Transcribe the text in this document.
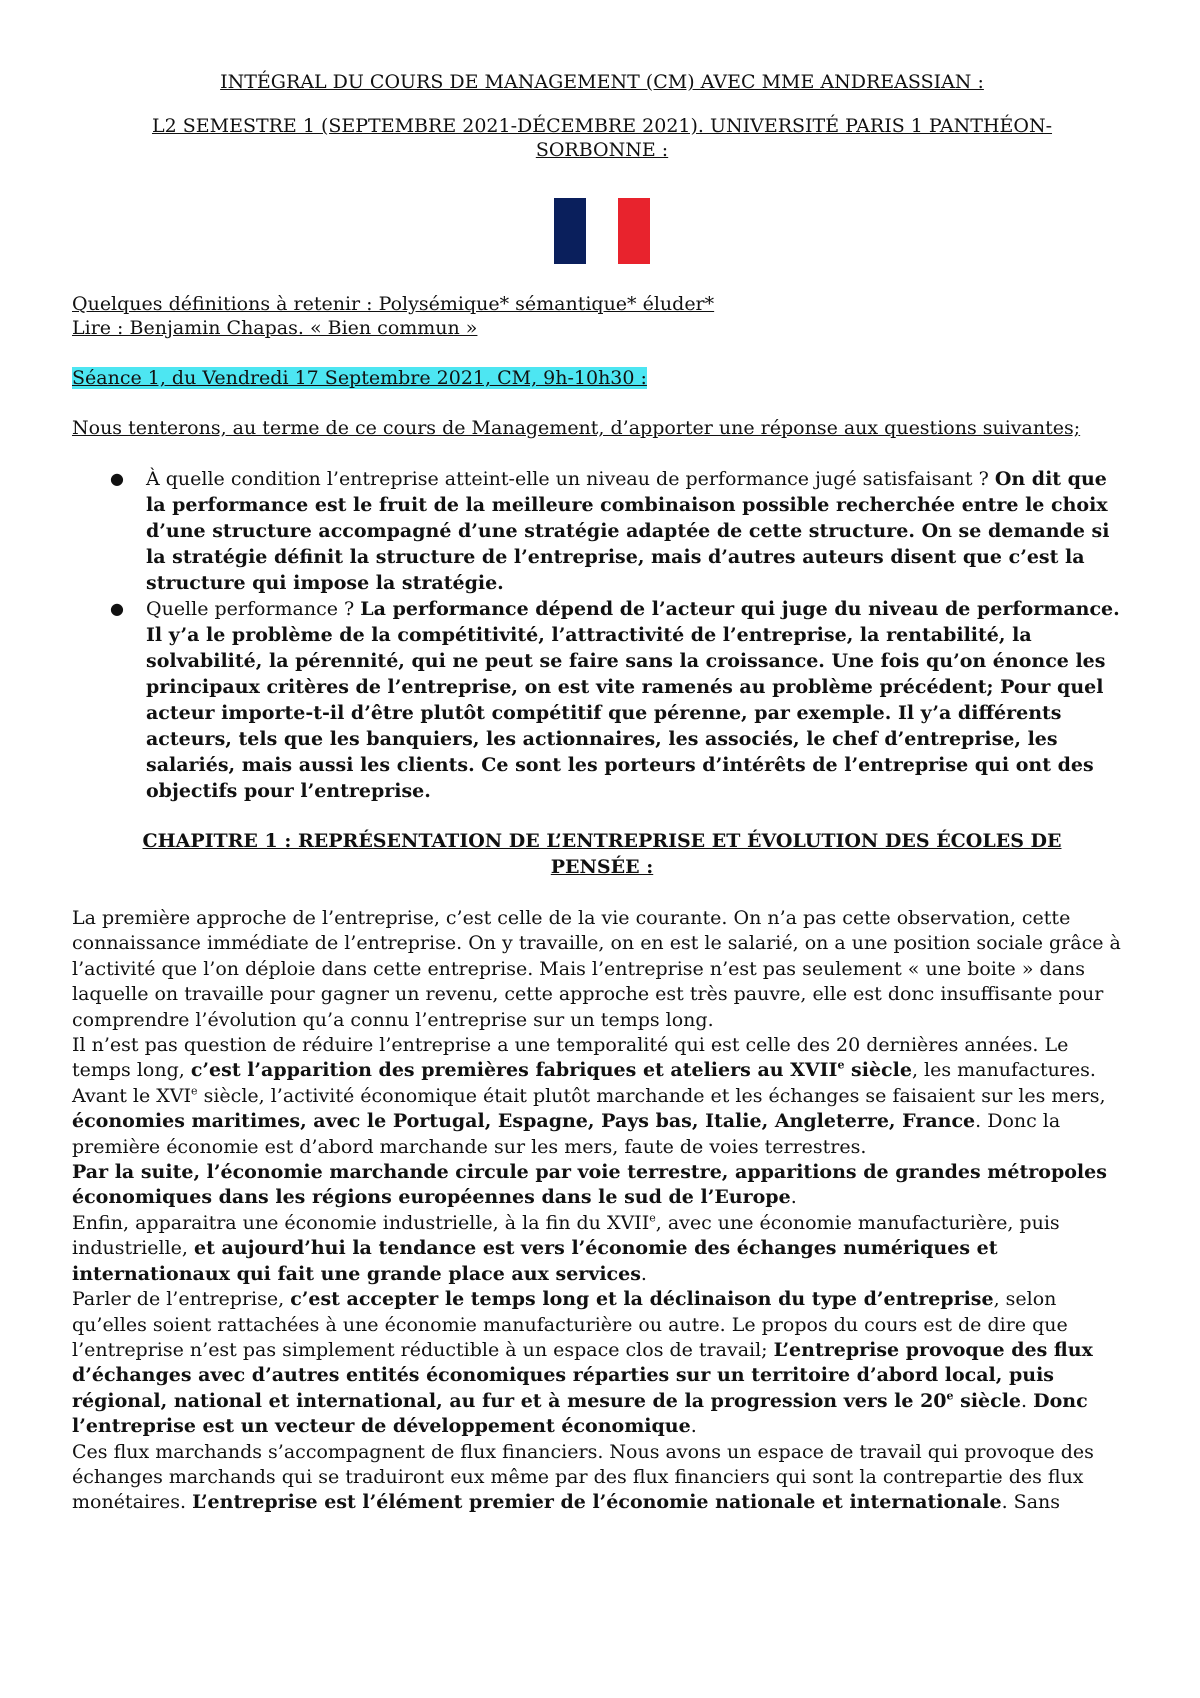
INTÉGRAL DU COURS DE MANAGEMENT (CM) AVEC MME ANDREASSIAN :
L2 SEMESTRE 1 (SEPTEMBRE 2021-DÉCEMBRE 2021). UNIVERSITÉ PARIS 1 PANTHÉON-
SORBONNE :
Quelques définitions à retenir : Polysémique* sémantique* éluder*
Lire : Benjamin Chapas. « Bien commun »
Séance 1, du Vendredi 17 Septembre 2021, CM, 9h-10h30 :
Nous tenterons, au terme de ce cours de Management, d’apporter une réponse aux questions suivantes;
● À quelle condition l’entreprise atteint-elle un niveau de performance jugé satisfaisant ? On dit que la performance est le fruit de la meilleure combinaison possible recherchée entre le choix d’une structure accompagné d’une stratégie adaptée de cette structure. On se demande si la stratégie définit la structure de l’entreprise, mais d’autres auteurs disent que c’est la structure qui impose la stratégie.
● Quelle performance ? La performance dépend de l’acteur qui juge du niveau de performance. Il y’a le problème de la compétitivité, l’attractivité de l’entreprise, la rentabilité, la solvabilité, la pérennité, qui ne peut se faire sans la croissance. Une fois qu’on énonce les principaux critères de l’entreprise, on est vite ramenés au problème précédent; Pour quel acteur importe-t-il d’être plutôt compétitif que pérenne, par exemple. Il y’a différents acteurs, tels que les banquiers, les actionnaires, les associés, le chef d’entreprise, les salariés, mais aussi les clients. Ce sont les porteurs d’intérêts de l’entreprise qui ont des objectifs pour l’entreprise.
CHAPITRE 1 : REPRÉSENTATION DE L’ENTREPRISE ET ÉVOLUTION DES ÉCOLES DE
PENSÉE :

La première approche de l’entreprise, c’est celle de la vie courante. On n’a pas cette observation, cette connaissance immédiate de l’entreprise. On y travaille, on en est le salarié, on a une position sociale grâce à l’activité que l’on déploie dans cette entreprise. Mais l’entreprise n’est pas seulement « une boite » dans laquelle on travaille pour gagner un revenu, cette approche est très pauvre, elle est donc insuffisante pour comprendre l’évolution qu’a connu l’entreprise sur un temps long.

Il n’est pas question de réduire l’entreprise a une temporalité qui est celle des 20 dernières années. Le temps long, c’est l’apparition des premières fabriques et ateliers au XVIIe siècle, les manufactures. Avant le XVIe siècle, l’activité économique était plutôt marchande et les échanges se faisaient sur les mers, économies maritimes, avec le Portugal, Espagne, Pays bas, Italie, Angleterre, France. Donc la première économie est d’abord marchande sur les mers, faute de voies terrestres.

Par la suite, l’économie marchande circule par voie terrestre, apparitions de grandes métropoles économiques dans les régions européennes dans le sud de l’Europe.

Enfin, apparaitra une économie industrielle, à la fin du XVIIe, avec une économie manufacturière, puis industrielle, et aujourd’hui la tendance est vers l’économie des échanges numériques et internationaux qui fait une grande place aux services.

Parler de l’entreprise, c’est accepter le temps long et la déclinaison du type d’entreprise, selon qu’elles soient rattachées à une économie manufacturière ou autre. Le propos du cours est de dire que l’entreprise n’est pas simplement réductible à un espace clos de travail; L’entreprise provoque des flux d’échanges avec d’autres entités économiques réparties sur un territoire d’abord local, puis régional, national et international, au fur et à mesure de la progression vers le 20e siècle. Donc l’entreprise est un vecteur de développement économique.

Ces flux marchands s’accompagnent de flux financiers. Nous avons un espace de travail qui provoque des échanges marchands qui se traduiront eux même par des flux financiers qui sont la contrepartie des flux monétaires. L’entreprise est l’élément premier de l’économie nationale et internationale. Sans
